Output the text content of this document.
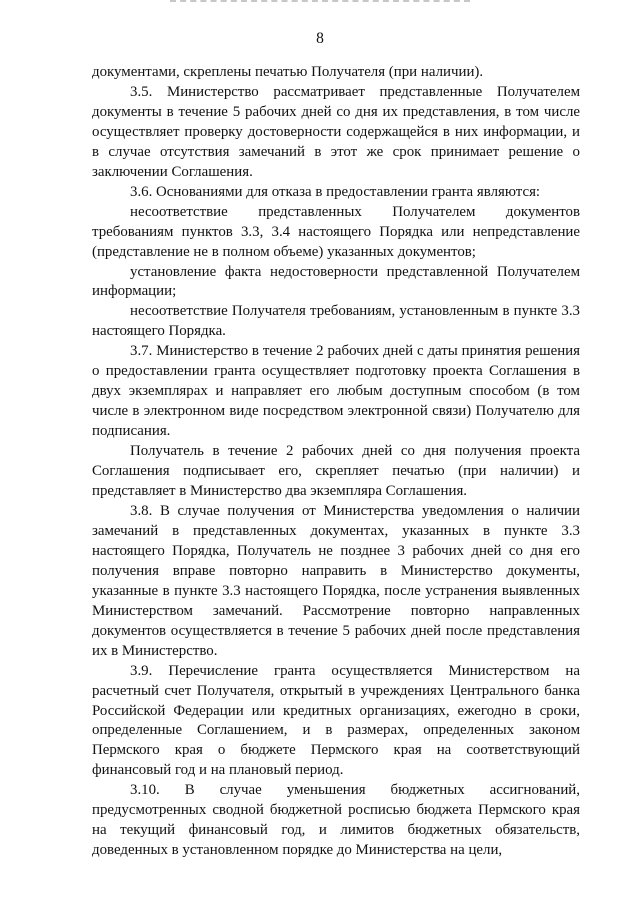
8

документами, скреплены печатью Получателя (при наличии).

3.5. Министерство рассматривает представленные Получателем документы в течение 5 рабочих дней со дня их представления, в том числе осуществляет проверку достоверности содержащейся в них информации, и в случае отсутствия замечаний в этот же срок принимает решение о заключении Соглашения.

3.6. Основаниями для отказа в предоставлении гранта являются:

несоответствие представленных Получателем документов требованиям пунктов 3.3, 3.4 настоящего Порядка или непредставление (представление не в полном объеме) указанных документов;

установление факта недостоверности представленной Получателем информации;

несоответствие Получателя требованиям, установленным в пункте 3.3 настоящего Порядка.

3.7. Министерство в течение 2 рабочих дней с даты принятия решения о предоставлении гранта осуществляет подготовку проекта Соглашения в двух экземплярах и направляет его любым доступным способом (в том числе в электронном виде посредством электронной связи) Получателю для подписания.

Получатель в течение 2 рабочих дней со дня получения проекта Соглашения подписывает его, скрепляет печатью (при наличии) и представляет в Министерство два экземпляра Соглашения.

3.8. В случае получения от Министерства уведомления о наличии замечаний в представленных документах, указанных в пункте 3.3 настоящего Порядка, Получатель не позднее 3 рабочих дней со дня его получения вправе повторно направить в Министерство документы, указанные в пункте 3.3 настоящего Порядка, после устранения выявленных Министерством замечаний. Рассмотрение повторно направленных документов осуществляется в течение 5 рабочих дней после представления их в Министерство.

3.9. Перечисление гранта осуществляется Министерством на расчетный счет Получателя, открытый в учреждениях Центрального банка Российской Федерации или кредитных организациях, ежегодно в сроки, определенные Соглашением, и в размерах, определенных законом Пермского края о бюджете Пермского края на соответствующий финансовый год и на плановый период.

3.10. В случае уменьшения бюджетных ассигнований, предусмотренных сводной бюджетной росписью бюджета Пермского края на текущий финансовый год, и лимитов бюджетных обязательств, доведенных в установленном порядке до Министерства на цели,
